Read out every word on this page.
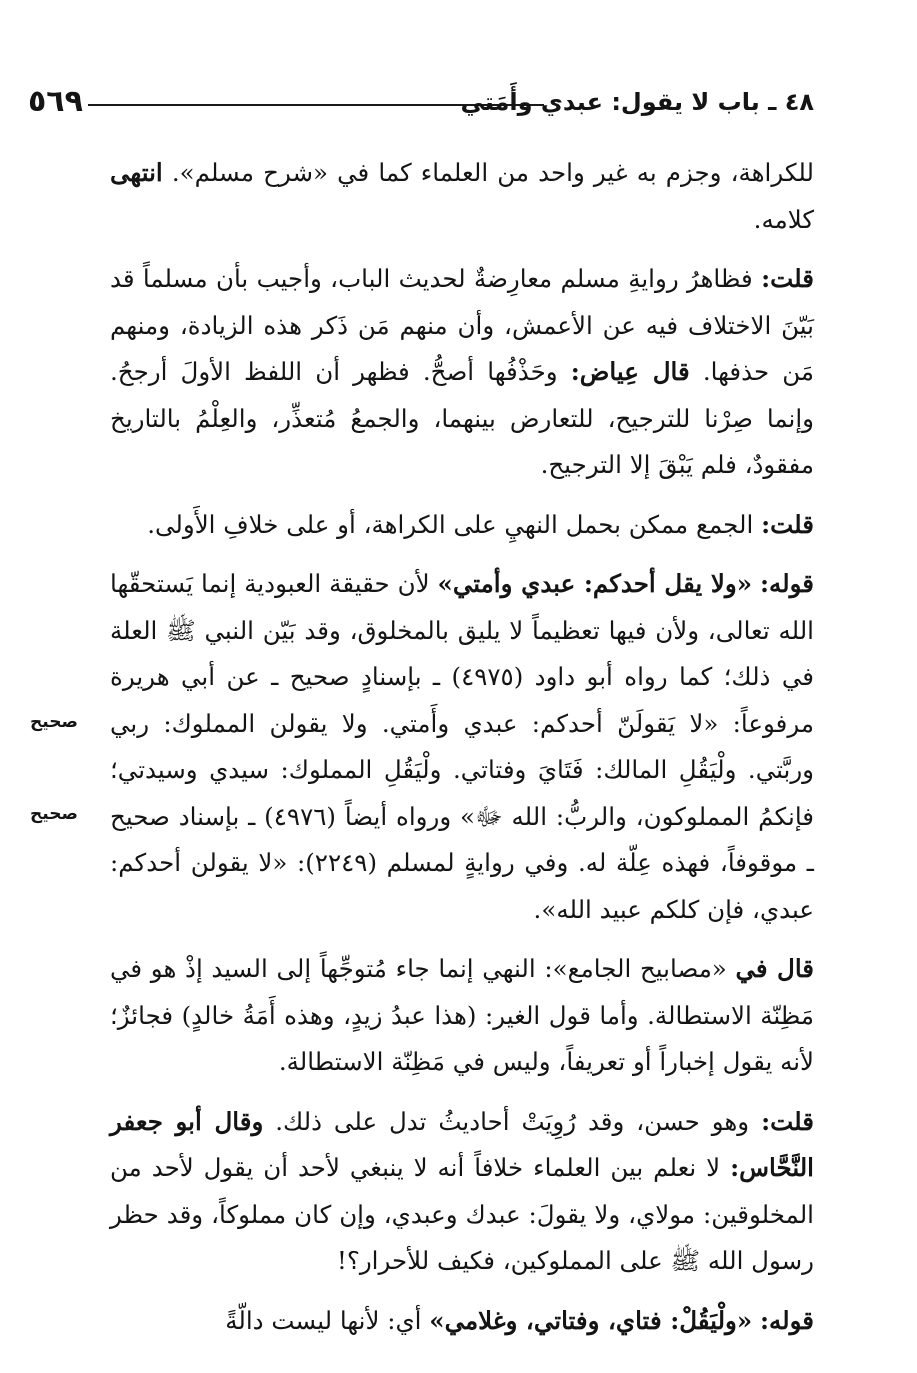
٥٦٩	٤٨ ـ باب لا يقول: عبدي وأَمَتي
صحيح
صحيح

للكراهة، وجزم به غير واحد من العلماء كما في «شرح مسلم». انتهى كلامه.

قلت: فظاهرُ روايةِ مسلم معارِضةٌ لحديث الباب، وأجيب بأن مسلماً قد بَيّنَ الاختلاف فيه عن الأعمش، وأن منهم مَن ذَكر هذه الزيادة، ومنهم مَن حذفها. قال عِياض: وحَذْفُها أصحُّ. فظهر أن اللفظ الأولَ أرجحُ. وإنما صِرْنا للترجيح، للتعارض بينهما، والجمعُ مُتعذِّر، والعِلْمُ بالتاريخ مفقودٌ، فلم يَبْقَ إلا الترجيح.

قلت: الجمع ممكن بحمل النهيِ على الكراهة، أو على خلافِ الأَولى.

قوله: «ولا يقل أحدكم: عبدي وأمتي» لأن حقيقة العبودية إنما يَستحقّها الله تعالى، ولأن فيها تعظيماً لا يليق بالمخلوق، وقد بَيّن النبي ﷺ العلة في ذلك؛ كما رواه أبو داود (٤٩٧٥) ـ بإسنادٍ صحيح ـ عن أبي هريرة مرفوعاً: «لا يَقولَنّ أحدكم: عبدي وأَمتي. ولا يقولن المملوك: ربي وربَّتي. ولْيَقُلِ المالك: فَتَايَ وفتاتي. ولْيَقُلِ المملوك: سيدي وسيدتي؛ فإنكمُ المملوكون، والربُّ: الله ﷻ» ورواه أيضاً (٤٩٧٦) ـ بإسناد صحيح ـ موقوفاً، فهذه عِلّة له. وفي روايةٍ لمسلم (٢٢٤٩): «لا يقولن أحدكم: عبدي، فإن كلكم عبيد الله».

قال في «مصابيح الجامع»: النهي إنما جاء مُتوجِّهاً إلى السيد إذْ هو في مَظِنّة الاستطالة. وأما قول الغير: (هذا عبدُ زيدٍ، وهذه أَمَةُ خالدٍ) فجائزٌ؛ لأنه يقول إخباراً أو تعريفاً، وليس في مَظِنّة الاستطالة.

قلت: وهو حسن، وقد رُوِيَتْ أحاديثُ تدل على ذلك. وقال أبو جعفر النَّحَّاس: لا نعلم بين العلماء خلافاً أنه لا ينبغي لأحد أن يقول لأحد من المخلوقين: مولاي، ولا يقولَ: عبدك وعبدي، وإن كان مملوكاً، وقد حظر رسول الله ﷺ على المملوكين، فكيف للأحرار؟!

قوله: «ولْيَقُلْ: فتاي، وفتاتي، وغلامي» أي: لأنها ليست دالّةً
